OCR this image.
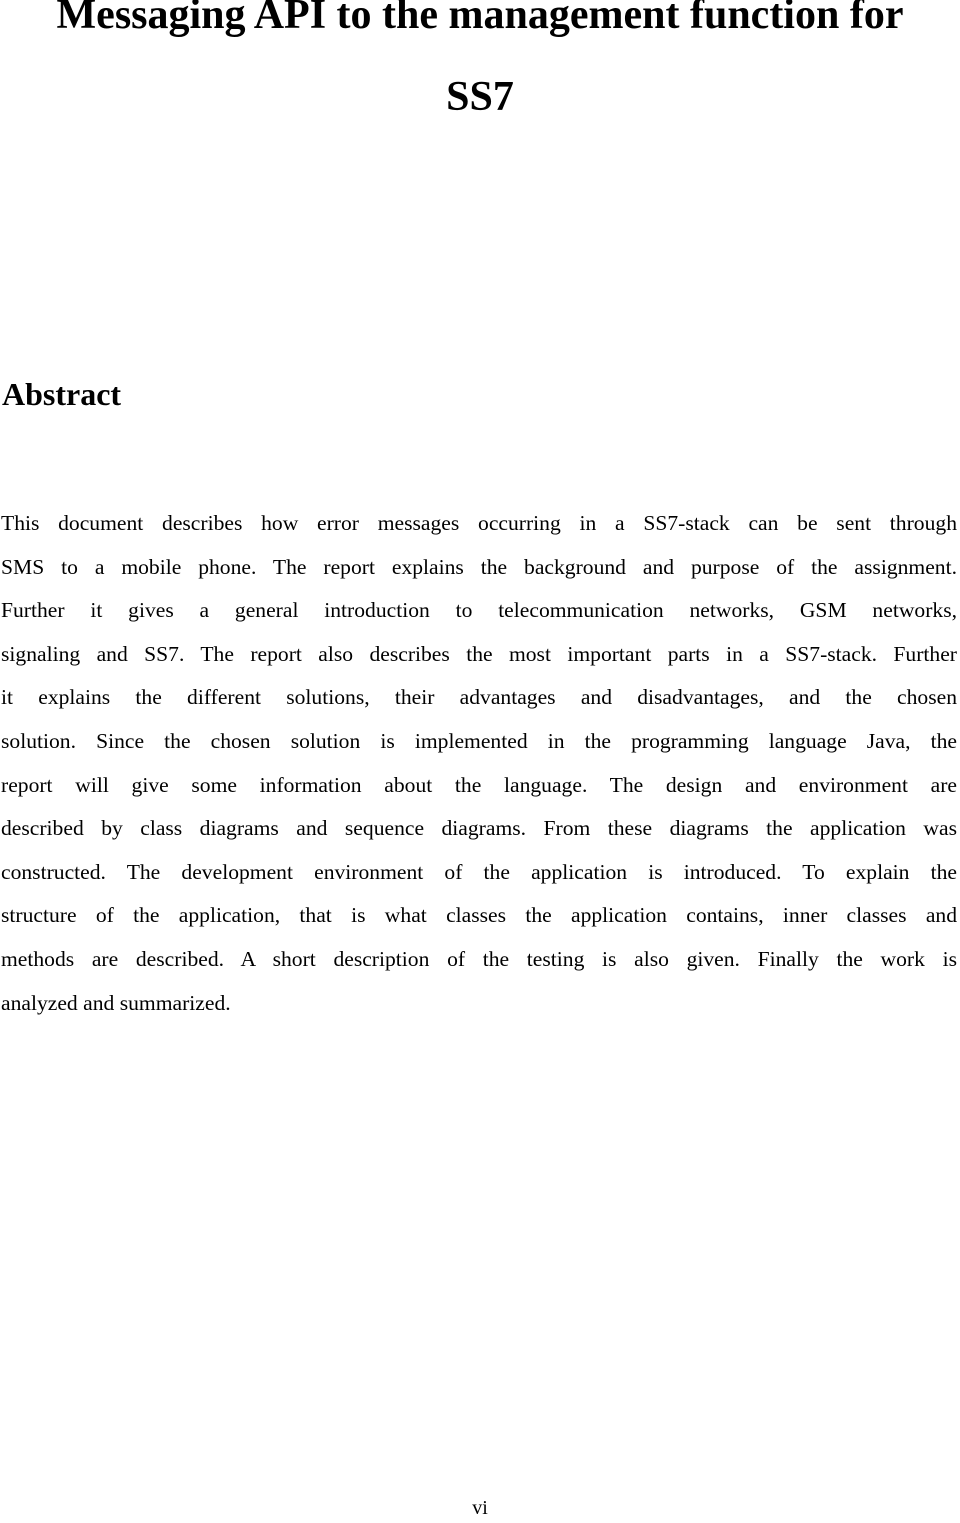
Messaging API to the management function for
SS7
Abstract

This document describes how error messages occurring in a SS7-stack can be sent through
SMS to a mobile phone. The report explains the background and purpose of the assignment.
Further it gives a general introduction to telecommunication networks, GSM networks,
signaling and SS7. The report also describes the most important parts in a SS7-stack. Further
it explains the different solutions, their advantages and disadvantages, and the chosen
solution. Since the chosen solution is implemented in the programming language Java, the
report will give some information about the language. The design and environment are
described by class diagrams and sequence diagrams. From these diagrams the application was
constructed. The development environment of the application is introduced. To explain the
structure of the application, that is what classes the application contains, inner classes and
methods are described. A short description of the testing is also given. Finally the work is
analyzed and summarized.

vi
